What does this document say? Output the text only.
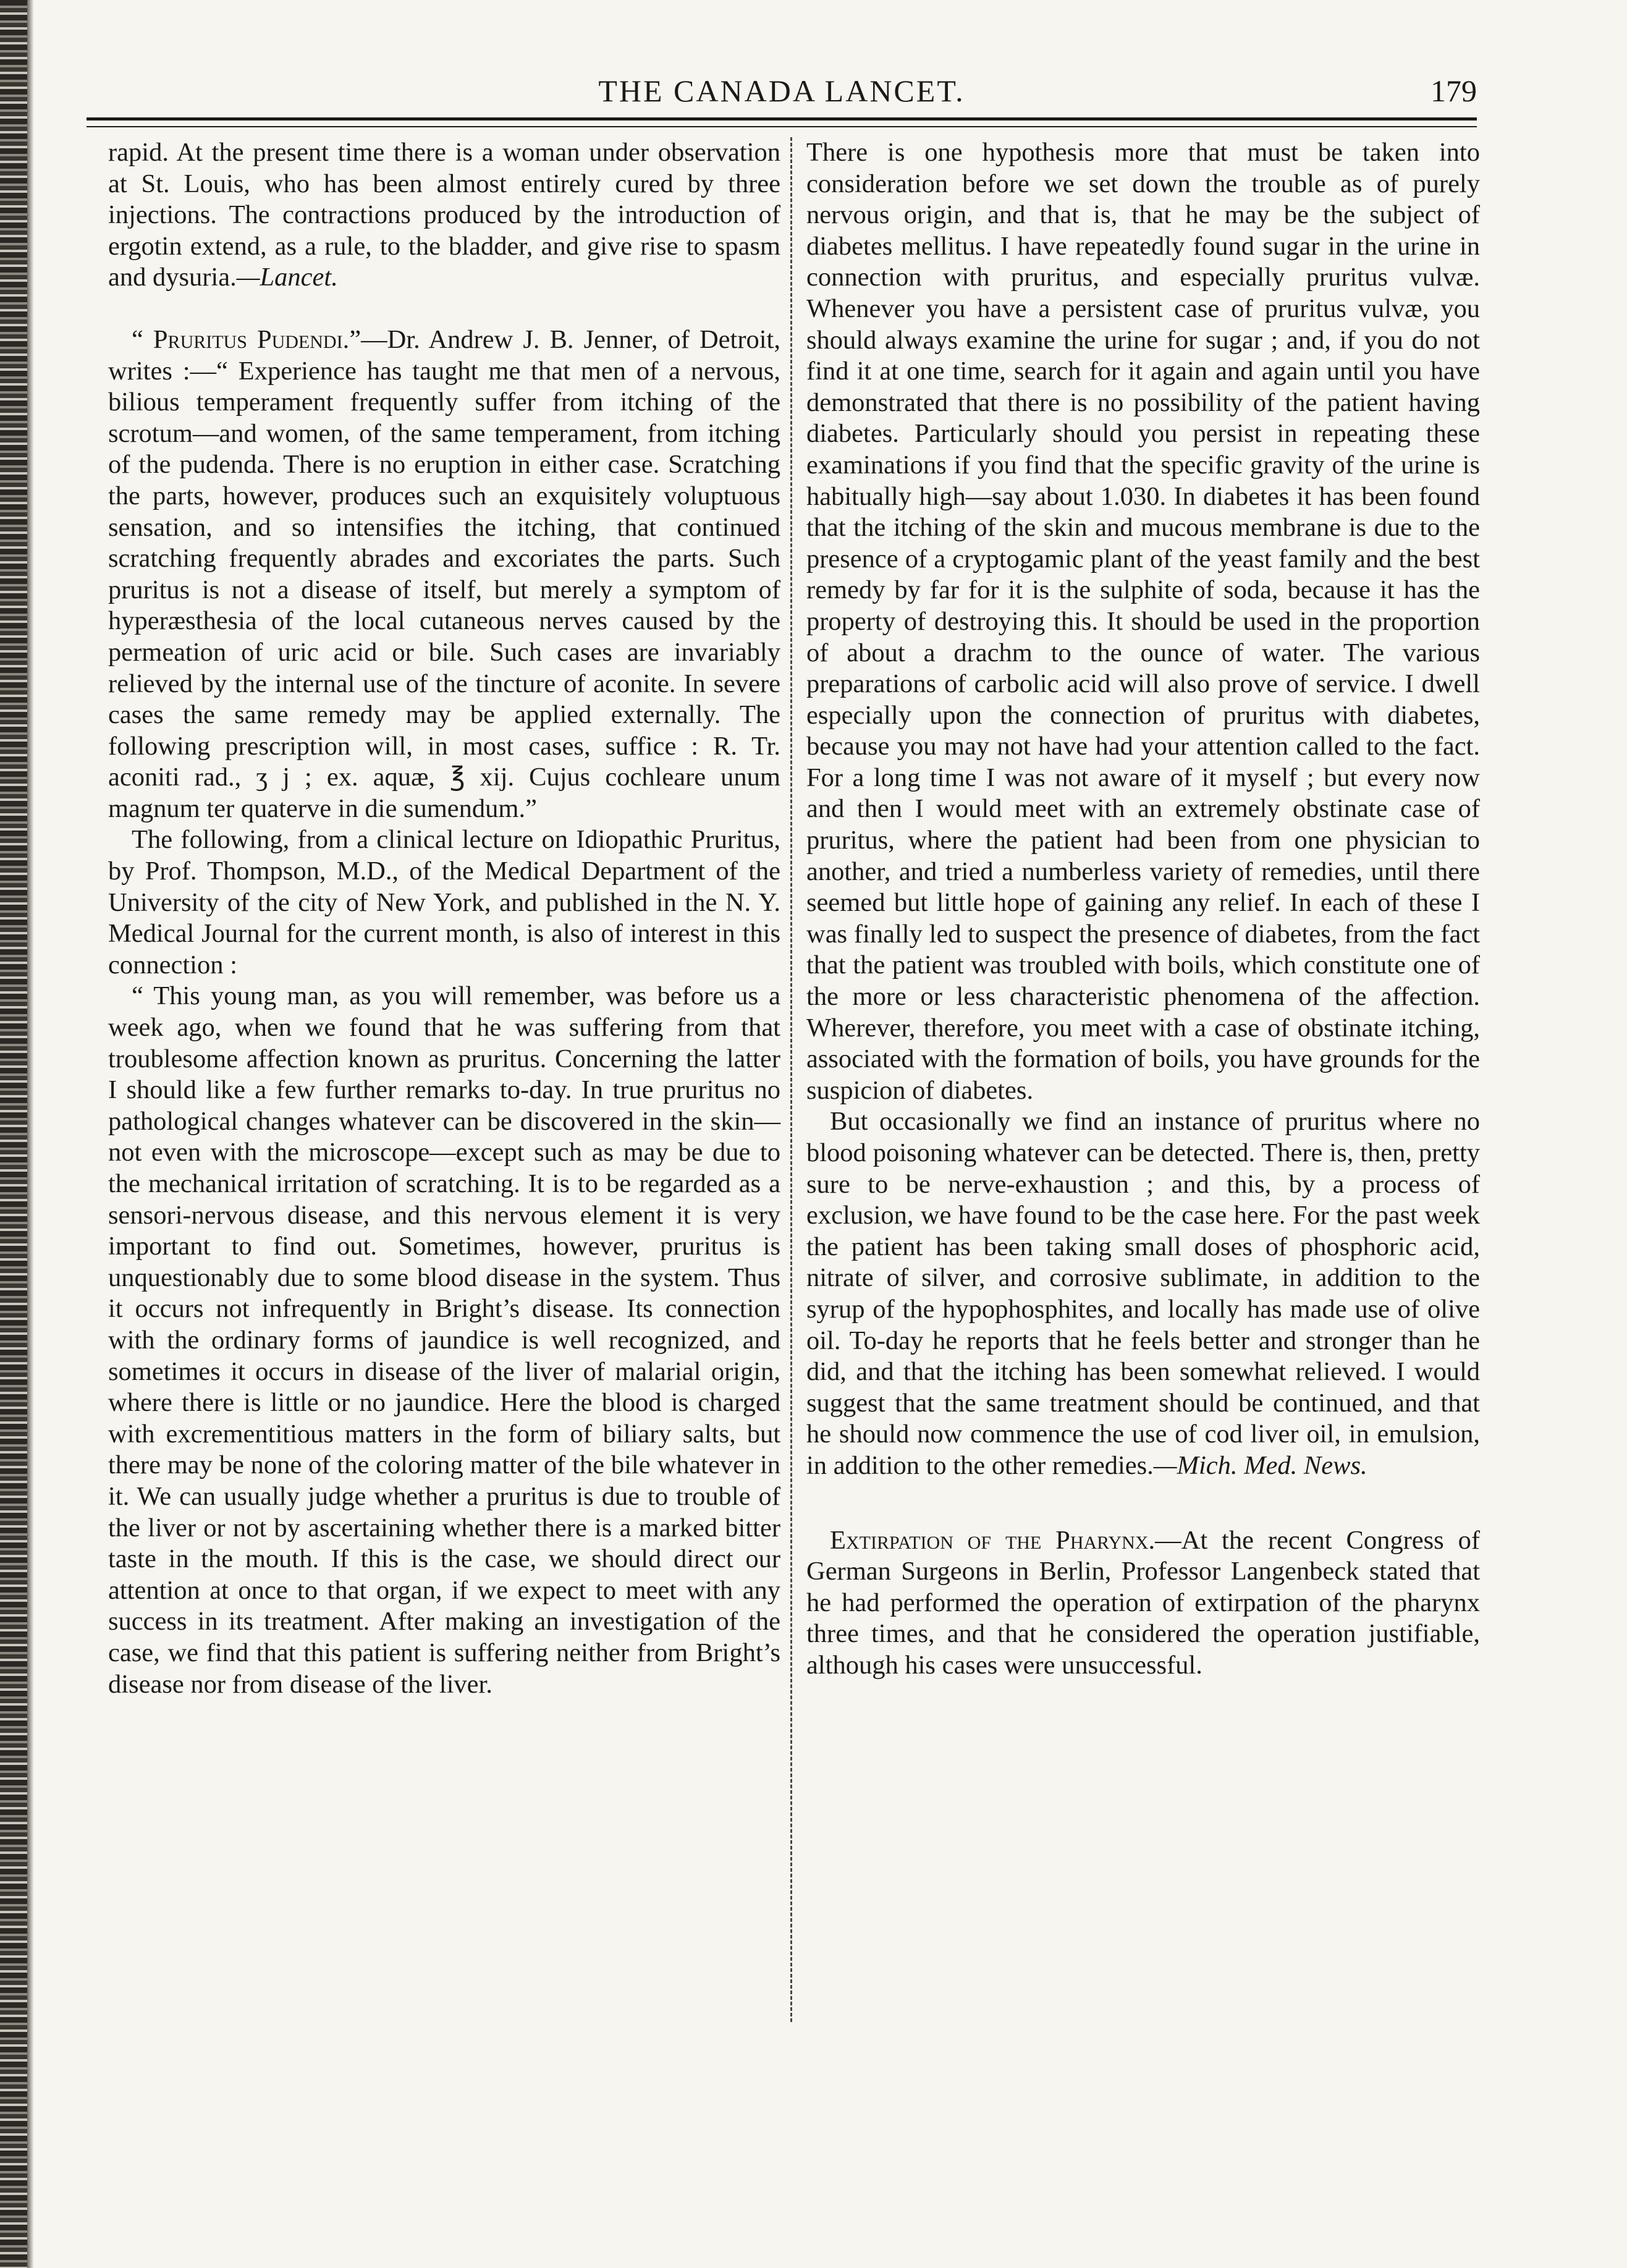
THE CANADA LANCET.	179

rapid. At the present time there is a woman under observation at St. Louis, who has been almost entirely cured by three injections. The contractions produced by the introduction of ergotin extend, as a rule, to the bladder, and give rise to spasm and dysuria.—Lancet.

“ Pruritus Pudendi.”—Dr. Andrew J. B. Jenner, of Detroit, writes :—“ Experience has taught me that men of a nervous, bilious temperament frequently suffer from itching of the scrotum—and women, of the same temperament, from itching of the pudenda. There is no eruption in either case. Scratching the parts, however, produces such an exquisitely voluptuous sensation, and so intensifies the itching, that continued scratching frequently abrades and excoriates the parts. Such pruritus is not a disease of itself, but merely a symptom of hyperæsthesia of the local cutaneous nerves caused by the permeation of uric acid or bile. Such cases are invariably relieved by the internal use of the tincture of aconite. In severe cases the same remedy may be applied externally. The following prescription will, in most cases, suffice : R. Tr. aconiti rad., ʒ j ; ex. aquæ, ℥ xij. Cujus cochleare unum magnum ter quaterve in die sumendum.”

The following, from a clinical lecture on Idiopathic Pruritus, by Prof. Thompson, M.D., of the Medical Department of the University of the city of New York, and published in the N. Y. Medical Journal for the current month, is also of interest in this connection :

“ This young man, as you will remember, was before us a week ago, when we found that he was suffering from that troublesome affection known as pruritus. Concerning the latter I should like a few further remarks to-day. In true pruritus no pathological changes whatever can be discovered in the skin—not even with the microscope—except such as may be due to the mechanical irritation of scratching. It is to be regarded as a sensori-nervous disease, and this nervous element it is very important to find out. Sometimes, however, pruritus is unquestionably due to some blood disease in the system. Thus it occurs not infrequently in Bright’s disease. Its connection with the ordinary forms of jaundice is well recognized, and sometimes it occurs in disease of the liver of malarial origin, where there is little or no jaundice. Here the blood is charged with excrementitious matters in the form of biliary salts, but there may be none of the coloring matter of the bile whatever in it. We can usually judge whether a pruritus is due to trouble of the liver or not by ascertaining whether there is a marked bitter taste in the mouth. If this is the case, we should direct our attention at once to that organ, if we expect to meet with any success in its treatment. After making an investigation of the case, we find that this patient is suffering neither from Bright’s disease nor from disease of the liver.

There is one hypothesis more that must be taken into consideration before we set down the trouble as of purely nervous origin, and that is, that he may be the subject of diabetes mellitus. I have repeatedly found sugar in the urine in connection with pruritus, and especially pruritus vulvæ. Whenever you have a persistent case of pruritus vulvæ, you should always examine the urine for sugar ; and, if you do not find it at one time, search for it again and again until you have demonstrated that there is no possibility of the patient having diabetes. Particularly should you persist in repeating these examinations if you find that the specific gravity of the urine is habitually high—say about 1.030. In diabetes it has been found that the itching of the skin and mucous membrane is due to the presence of a cryptogamic plant of the yeast family and the best remedy by far for it is the sulphite of soda, because it has the property of destroying this. It should be used in the proportion of about a drachm to the ounce of water. The various preparations of carbolic acid will also prove of service. I dwell especially upon the connection of pruritus with diabetes, because you may not have had your attention called to the fact. For a long time I was not aware of it myself ; but every now and then I would meet with an extremely obstinate case of pruritus, where the patient had been from one physician to another, and tried a numberless variety of remedies, until there seemed but little hope of gaining any relief. In each of these I was finally led to suspect the presence of diabetes, from the fact that the patient was troubled with boils, which constitute one of the more or less characteristic phenomena of the affection. Wherever, therefore, you meet with a case of obstinate itching, associated with the formation of boils, you have grounds for the suspicion of diabetes.

But occasionally we find an instance of pruritus where no blood poisoning whatever can be detected. There is, then, pretty sure to be nerve-exhaustion ; and this, by a process of exclusion, we have found to be the case here. For the past week the patient has been taking small doses of phosphoric acid, nitrate of silver, and corrosive sublimate, in addition to the syrup of the hypophosphites, and locally has made use of olive oil. To-day he reports that he feels better and stronger than he did, and that the itching has been somewhat relieved. I would suggest that the same treatment should be continued, and that he should now commence the use of cod liver oil, in emulsion, in addition to the other remedies.—Mich. Med. News.

Extirpation of the Pharynx.—At the recent Congress of German Surgeons in Berlin, Professor Langenbeck stated that he had performed the operation of extirpation of the pharynx three times, and that he considered the operation justifiable, although his cases were unsuccessful.
